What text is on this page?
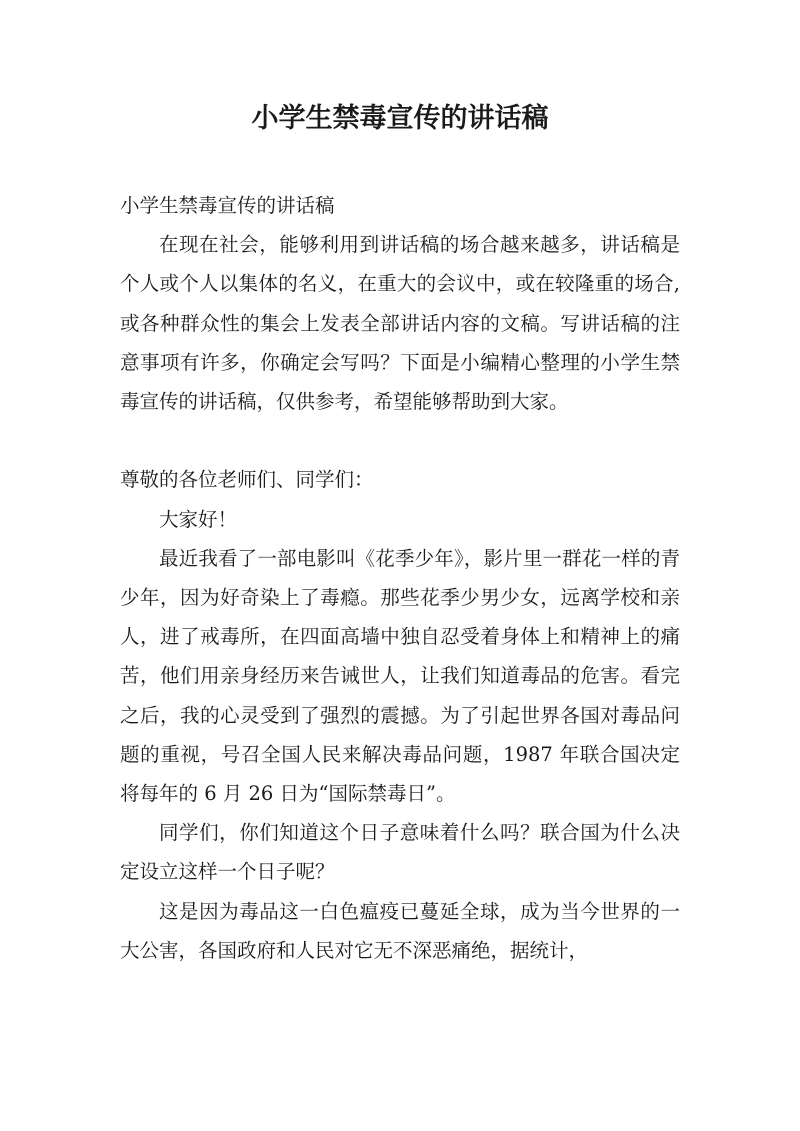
小学生禁毒宣传的讲话稿

小学生禁毒宣传的讲话稿

在现在社会，能够利用到讲话稿的场合越来越多，讲话稿是个人或个人以集体的名义，在重大的会议中，或在较隆重的场合,或各种群众性的集会上发表全部讲话内容的文稿。写讲话稿的注意事项有许多，你确定会写吗？下面是小编精心整理的小学生禁毒宣传的讲话稿，仅供参考，希望能够帮助到大家。

尊敬的各位老师们、同学们：

大家好！

最近我看了一部电影叫《花季少年》，影片里一群花一样的青少年，因为好奇染上了毒瘾。那些花季少男少女，远离学校和亲人，进了戒毒所，在四面高墙中独自忍受着身体上和精神上的痛苦，他们用亲身经历来告诫世人，让我们知道毒品的危害。看完之后，我的心灵受到了强烈的震撼。为了引起世界各国对毒品问题的重视，号召全国人民来解决毒品问题，1987 年联合国决定将每年的 6 月 26 日为“国际禁毒日”。

同学们，你们知道这个日子意味着什么吗？联合国为什么决定设立这样一个日子呢？

这是因为毒品这一白色瘟疫已蔓延全球，成为当今世界的一大公害，各国政府和人民对它无不深恶痛绝，据统计，
